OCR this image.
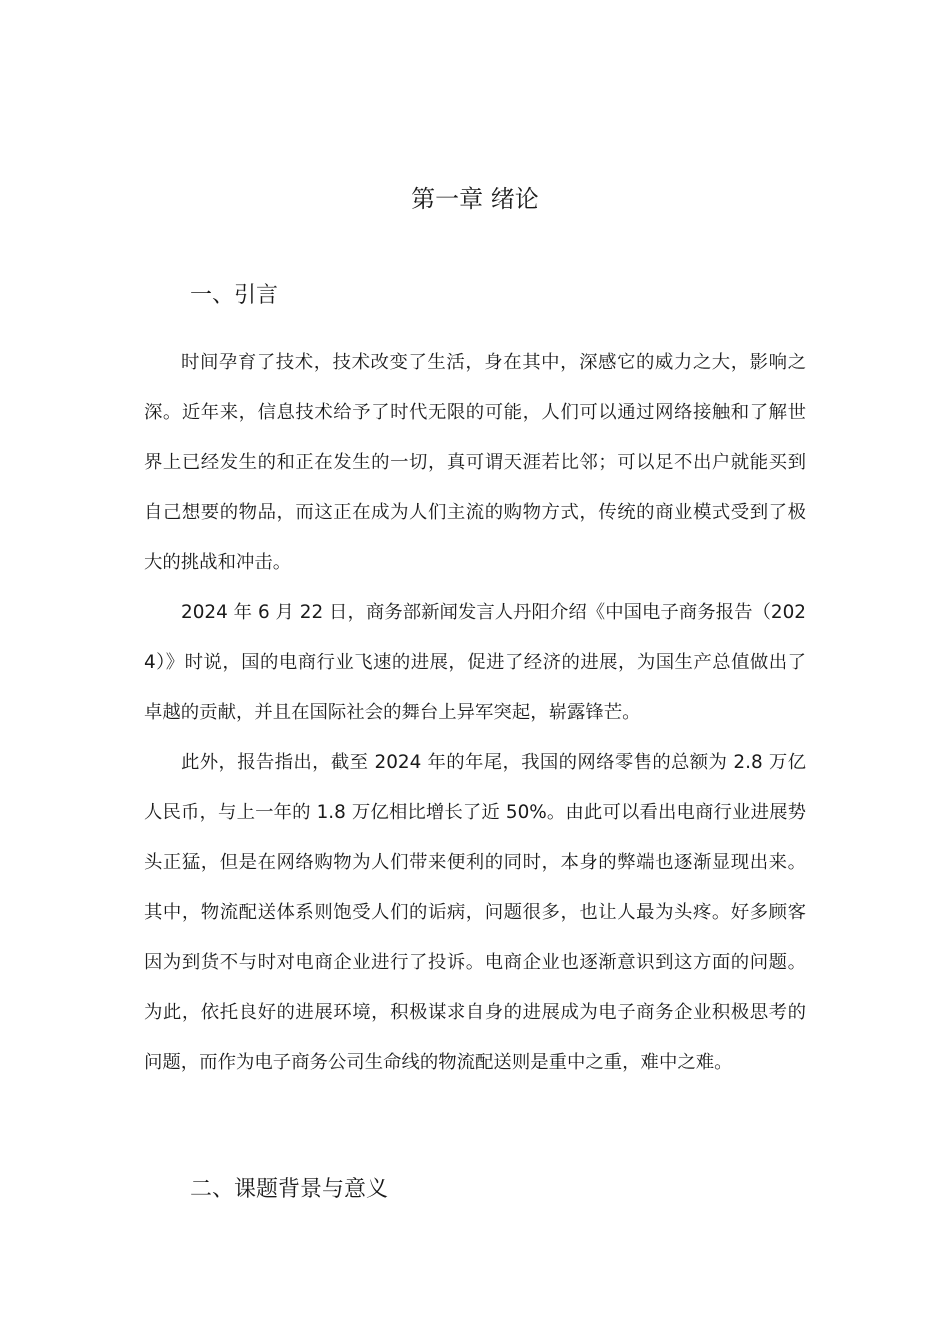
第一章 绪论
一、引言

时间孕育了技术，技术改变了生活，身在其中，深感它的威力之大，影响之深。近年来，信息技术给予了时代无限的可能，人们可以通过网络接触和了解世界上已经发生的和正在发生的一切，真可谓天涯若比邻；可以足不出户就能买到自己想要的物品，而这正在成为人们主流的购物方式，传统的商业模式受到了极大的挑战和冲击。

2024 年 6 月 22 日，商务部新闻发言人丹阳介绍《中国电子商务报告（2024）》时说，国的电商行业飞速的进展，促进了经济的进展，为国生产总值做出了卓越的贡献，并且在国际社会的舞台上异军突起，崭露锋芒。

此外，报告指出，截至 2024 年的年尾，我国的网络零售的总额为 2.8 万亿人民币，与上一年的 1.8 万亿相比增长了近 50%。由此可以看出电商行业进展势头正猛，但是在网络购物为人们带来便利的同时，本身的弊端也逐渐显现出来。其中，物流配送体系则饱受人们的诟病，问题很多，也让人最为头疼。好多顾客因为到货不与时对电商企业进行了投诉。电商企业也逐渐意识到这方面的问题。为此，依托良好的进展环境，积极谋求自身的进展成为电子商务企业积极思考的问题，而作为电子商务公司生命线的物流配送则是重中之重，难中之难。

二、课题背景与意义
